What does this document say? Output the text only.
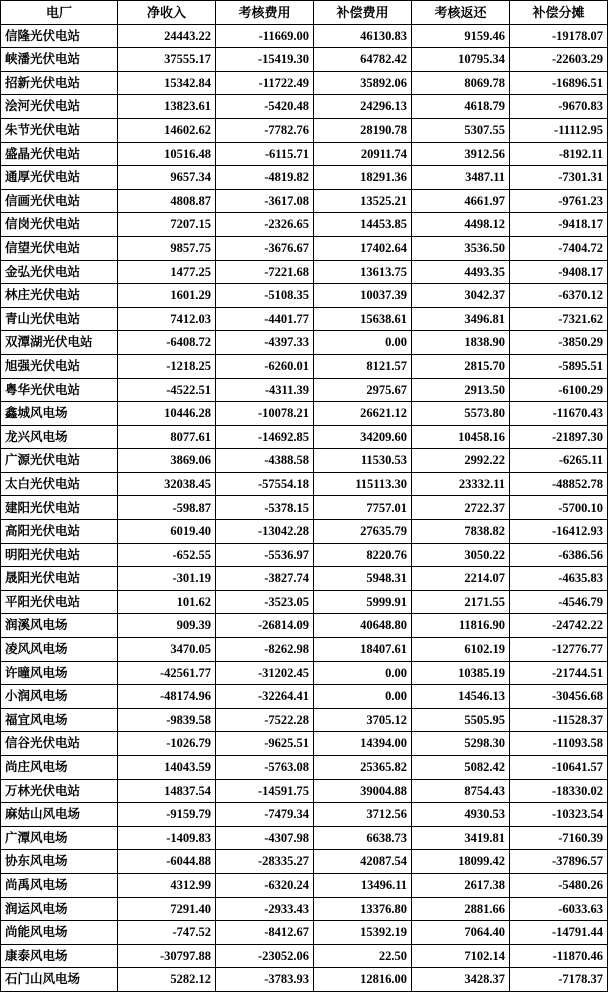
电厂	净收入	考核费用	补偿费用	考核返还	补偿分摊
信隆光伏电站	24443.22	-11669.00	46130.83	9159.46	-19178.07
峡潘光伏电站	37555.17	-15419.30	64782.42	10795.34	-22603.29
招新光伏电站	15342.84	-11722.49	35892.06	8069.78	-16896.51
浍河光伏电站	13823.61	-5420.48	24296.13	4618.79	-9670.83
朱节光伏电站	14602.62	-7782.76	28190.78	5307.55	-11112.95
盛晶光伏电站	10516.48	-6115.71	20911.74	3912.56	-8192.11
通厚光伏电站	9657.34	-4819.82	18291.36	3487.11	-7301.31
信画光伏电站	4808.87	-3617.08	13525.21	4661.97	-9761.23
信岗光伏电站	7207.15	-2326.65	14453.85	4498.12	-9418.17
信望光伏电站	9857.75	-3676.67	17402.64	3536.50	-7404.72
金弘光伏电站	1477.25	-7221.68	13613.75	4493.35	-9408.17
林庄光伏电站	1601.29	-5108.35	10037.39	3042.37	-6370.12
青山光伏电站	7412.03	-4401.77	15638.61	3496.81	-7321.62
双潭湖光伏电站	-6408.72	-4397.33	0.00	1838.90	-3850.29
旭强光伏电站	-1218.25	-6260.01	8121.57	2815.70	-5895.51
粤华光伏电站	-4522.51	-4311.39	2975.67	2913.50	-6100.29
鑫城风电场	10446.28	-10078.21	26621.12	5573.80	-11670.43
龙兴风电场	8077.61	-14692.85	34209.60	10458.16	-21897.30
广源光伏电站	3869.06	-4388.58	11530.53	2992.22	-6265.11
太白光伏电站	32038.45	-57554.18	115113.30	23332.11	-48852.78
建阳光伏电站	-598.87	-5378.15	7757.01	2722.37	-5700.10
高阳光伏电站	6019.40	-13042.28	27635.79	7838.82	-16412.93
明阳光伏电站	-652.55	-5536.97	8220.76	3050.22	-6386.56
晟阳光伏电站	-301.19	-3827.74	5948.31	2214.07	-4635.83
平阳光伏电站	101.62	-3523.05	5999.91	2171.55	-4546.79
润溪风电场	909.39	-26814.09	40648.80	11816.90	-24742.22
凌风风电场	3470.05	-8262.98	18407.61	6102.19	-12776.77
许曈风电场	-42561.77	-31202.45	0.00	10385.19	-21744.51
小润风电场	-48174.96	-32264.41	0.00	14546.13	-30456.68
福宜风电场	-9839.58	-7522.28	3705.12	5505.95	-11528.37
信谷光伏电站	-1026.79	-9625.51	14394.00	5298.30	-11093.58
尚庄风电场	14043.59	-5763.08	25365.82	5082.42	-10641.57
万林光伏电站	14837.54	-14591.75	39004.88	8754.43	-18330.02
麻姑山风电场	-9159.79	-7479.34	3712.56	4930.53	-10323.54
广潭风电场	-1409.83	-4307.98	6638.73	3419.81	-7160.39
协东风电场	-6044.88	-28335.27	42087.54	18099.42	-37896.57
尚禹风电场	4312.99	-6320.24	13496.11	2617.38	-5480.26
润运风电场	7291.40	-2933.43	13376.80	2881.66	-6033.63
尚能风电场	-747.52	-8412.67	15392.19	7064.40	-14791.44
康泰风电场	-30797.88	-23052.06	22.50	7102.14	-11870.46
石门山风电场	5282.12	-3783.93	12816.00	3428.37	-7178.37
